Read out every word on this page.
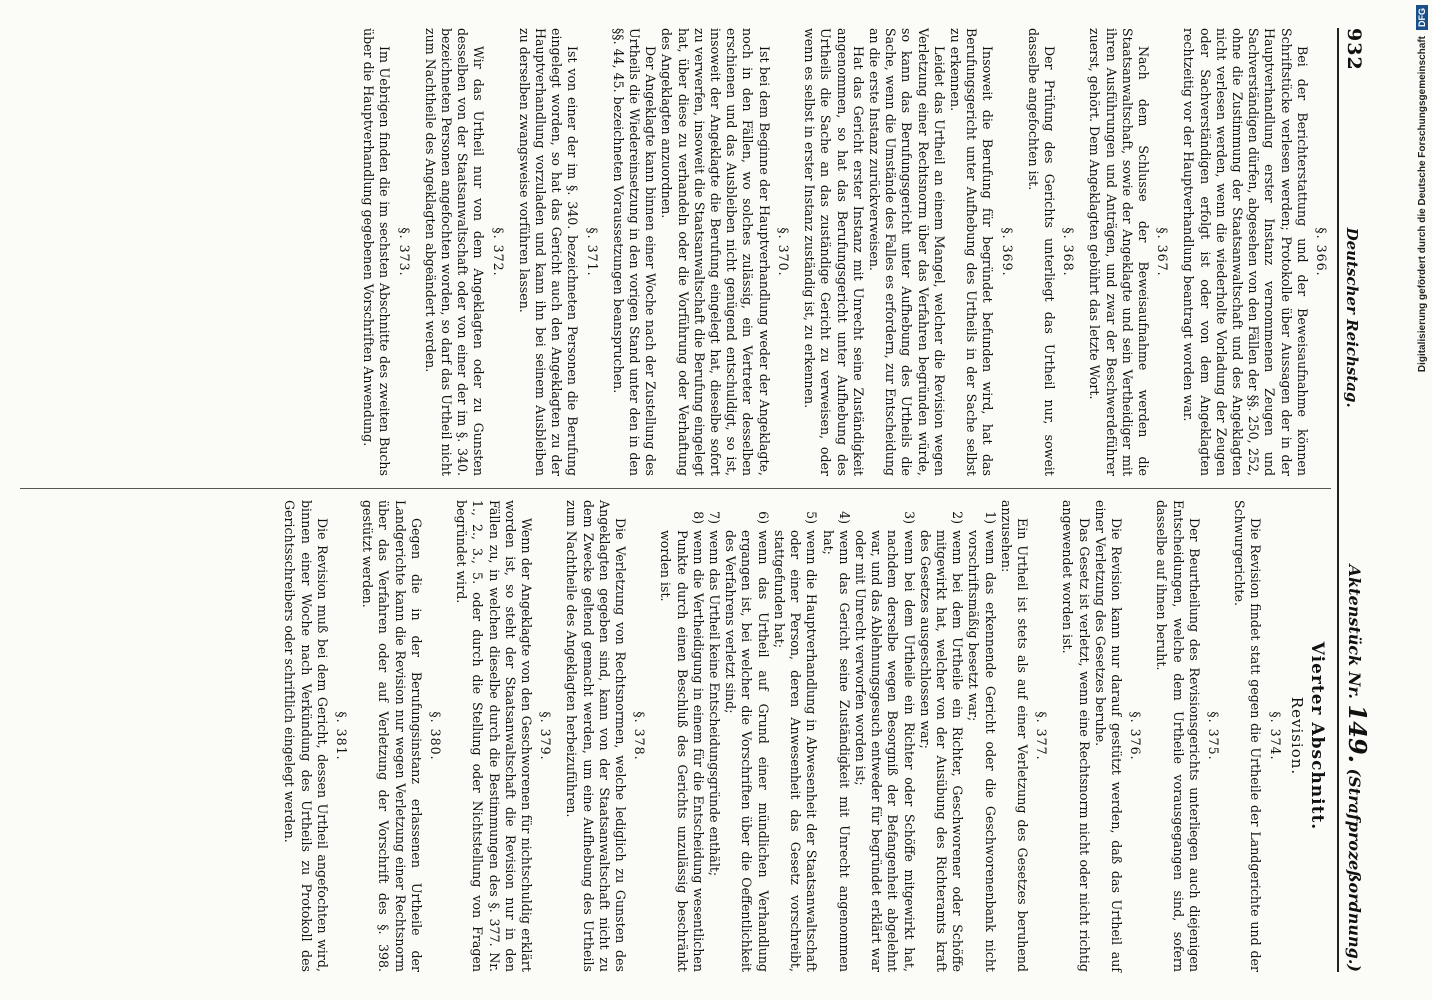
932
Deutscher Reichstag.
Aktenstück Nr. 149. (Strafprozeßordnung.)
§. 366.

Bei der Berichterstattung und der Beweisaufnahme können Schriftstücke verlesen werden; Protokolle über Aussagen der in der Hauptverhandlung erster Instanz vernommenen Zeugen und Sachverständigen dürfen, abgesehen von den Fällen der §§. 250, 252, ohne die Zustimmung der Staatsanwaltschaft und des Angeklagten nicht verlesen werden, wenn die wiederholte Vorladung der Zeugen oder Sachverständigen erfolgt ist oder von dem Angeklagten rechtzeitig vor der Hauptverhandlung beantragt worden war.

§. 367.

Nach dem Schlusse der Beweisaufnahme werden die Staatsanwaltschaft, sowie der Angeklagte und sein Vertheidiger mit ihren Ausführungen und Anträgen, und zwar der Beschwerdeführer zuerst, gehört. Dem Angeklagten gebührt das letzte Wort.

§. 368.

Der Prüfung des Gerichts unterliegt das Urtheil nur, soweit dasselbe angefochten ist.

§. 369.

Insoweit die Berufung für begründet befunden wird, hat das Berufungsgericht unter Aufhebung des Urtheils in der Sache selbst zu erkennen.

Leidet das Urtheil an einem Mangel, welcher die Revision wegen Verletzung einer Rechtsnorm über das Verfahren begründen würde, so kann das Berufungsgericht unter Aufhebung des Urtheils die Sache, wenn die Umstände des Falles es erfordern, zur Entscheidung an die erste Instanz zurückverweisen.

Hat das Gericht erster Instanz mit Unrecht seine Zuständigkeit angenommen, so hat das Berufungsgericht unter Aufhebung des Urtheils die Sache an das zuständige Gericht zu verweisen, oder wenn es selbst in erster Instanz zuständig ist, zu erkennen.

§. 370.

Ist bei dem Beginne der Hauptverhandlung weder der Angeklagte, noch in den Fällen, wo solches zulässig, ein Vertreter desselben erschienen und das Ausbleiben nicht genügend entschuldigt, so ist, insoweit der Angeklagte die Berufung eingelegt hat, dieselbe sofort zu verwerfen, insoweit die Staatsanwaltschaft die Berufung eingelegt hat, über diese zu verhandeln oder die Vorführung oder Verhaftung des Angeklagten anzuordnen.

Der Angeklagte kann binnen einer Woche nach der Zustellung des Urtheils die Wiedereinsetzung in den vorigen Stand unter den in den §§. 44, 45. bezeichneten Voraussetzungen beanspruchen.

§. 371.

Ist von einer der im §. 340. bezeichneten Personen die Berufung eingelegt worden, so hat das Gericht auch den Angeklagten zu der Hauptverhandlung vorzuladen und kann ihn bei seinem Ausbleiben zu derselben zwangsweise vorführen lassen.

§. 372.

Wir das Urtheil nur von dem Angeklagten oder zu Gunsten desselben von der Staatsanwaltschaft oder von einer der im §. 340. bezeichneten Personen angefochten worden, so darf das Urtheil nicht zum Nachtheile des Angeklagten abgeändert werden.

§. 373.

Im Uebrigen finden die im sechsten Abschnitte des zweiten Buchs über die Hauptverhandlung gegebenen Vorschriften Anwendung.

Vierter Abschnitt.
Revision.
§. 374.

Die Revision findet statt gegen die Urtheile der Landgerichte und der Schwurgerichte.

§. 375.

Der Beurtheilung des Revisionsgerichts unterliegen auch diejenigen Entscheidungen, welche dem Urtheile vorausgegangen sind, sofern dasselbe auf ihnen beruht.

§. 376.

Die Revision kann nur darauf gestützt werden, daß das Urtheil auf einer Verletzung des Gesetzes beruhe.

Das Gesetz ist verletzt, wenn eine Rechtsnorm nicht oder nicht richtig angewendet worden ist.

§. 377.

Ein Urtheil ist stets als auf einer Verletzung des Gesetzes beruhend anzusehen:

1)
wenn das erkennende Gericht oder die Geschworenenbank nicht vorschriftsmäßig besetzt war;
2)
wenn bei dem Urtheile ein Richter, Geschworener oder Schöffe mitgewirkt hat, welcher von der Ausübung des Richteramts kraft des Gesetzes ausgeschlossen war;
3)
wenn bei dem Urtheile ein Richter oder Schöffe mitgewirkt hat, nachdem derselbe wegen Besorgniß der Befangenheit abgelehnt war, und das Ablehnungsgesuch entweder für begründet erklärt war oder mit Unrecht verworfen worden ist;
4)
wenn das Gericht seine Zuständigkeit mit Unrecht angenommen hat;
5)
wenn die Hauptverhandlung in Abwesenheit der Staatsanwaltschaft oder einer Person, deren Anwesenheit das Gesetz vorschreibt, stattgefunden hat;
6)
wenn das Urtheil auf Grund einer mündlichen Verhandlung ergangen ist, bei welcher die Vorschriften über die Oeffentlichkeit des Verfahrens verletzt sind;
7)
wenn das Urtheil keine Entscheidungsgründe enthält;
8)
wenn die Vertheidigung in einem für die Entscheidung wesentlichen Punkte durch einen Beschluß des Gerichts unzulässig beschränkt worden ist.
§. 378.

Die Verletzung von Rechtsnormen, welche lediglich zu Gunsten des Angeklagten gegeben sind, kann von der Staatsanwaltschaft nicht zu dem Zwecke geltend gemacht werden, um eine Aufhebung des Urtheils zum Nachtheile des Angeklagten herbeizuführen.

§. 379.

Wenn der Angeklagte von den Geschworenen für nichtschuldig erklärt worden ist, so steht der Staatsanwaltschaft die Revision nur in den Fällen zu, in welchen dieselbe durch die Bestimmungen des §. 377. Nr. 1., 2., 3., 5. oder durch die Stellung oder Nichtstellung von Fragen begründet wird.

§. 380.

Gegen die in der Berufungsinstanz erlassenen Urtheile der Landgerichte kann die Revision nur wegen Verletzung einer Rechtsnorm über das Verfahren oder auf Verletzung der Vorschrift des §. 398. gestützt werden.

§. 381.

Die Revision muß bei dem Gericht, dessen Urtheil angefochten wird, binnen einer Woche nach Verkündung des Urtheils zu Protokoll des Gerichtsschreibers oder schriftlich eingelegt werden.

Digitalisierung gefördert durch die Deutsche Forschungsgemeinschaft
DFG
